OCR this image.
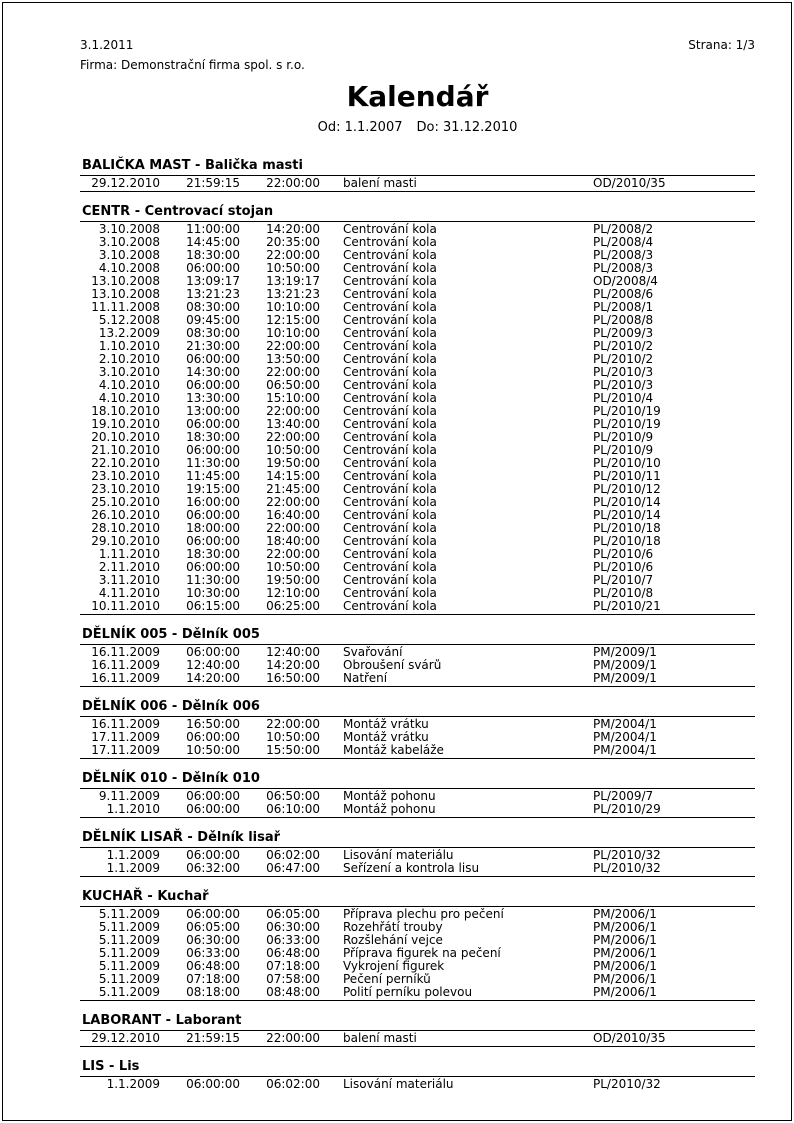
3.1.2011	Strana: 1/3
Firma: Demonstrační firma spol. s r.o.
Kalendář
Od: 1.1.2007 Do: 31.12.2010
BALIČKA MAST - Balička masti
29.12.2010	21:59:15	22:00:00	balení masti	OD/2010/35
CENTR - Centrovací stojan
3.10.2008	11:00:00	14:20:00	Centrování kola	PL/2008/2
3.10.2008	14:45:00	20:35:00	Centrování kola	PL/2008/4
3.10.2008	18:30:00	22:00:00	Centrování kola	PL/2008/3
4.10.2008	06:00:00	10:50:00	Centrování kola	PL/2008/3
13.10.2008	13:09:17	13:19:17	Centrování kola	OD/2008/4
13.10.2008	13:21:23	13:21:23	Centrování kola	PL/2008/6
11.11.2008	08:30:00	10:10:00	Centrování kola	PL/2008/1
5.12.2008	09:45:00	12:15:00	Centrování kola	PL/2008/8
13.2.2009	08:30:00	10:10:00	Centrování kola	PL/2009/3
1.10.2010	21:30:00	22:00:00	Centrování kola	PL/2010/2
2.10.2010	06:00:00	13:50:00	Centrování kola	PL/2010/2
3.10.2010	14:30:00	22:00:00	Centrování kola	PL/2010/3
4.10.2010	06:00:00	06:50:00	Centrování kola	PL/2010/3
4.10.2010	13:30:00	15:10:00	Centrování kola	PL/2010/4
18.10.2010	13:00:00	22:00:00	Centrování kola	PL/2010/19
19.10.2010	06:00:00	13:40:00	Centrování kola	PL/2010/19
20.10.2010	18:30:00	22:00:00	Centrování kola	PL/2010/9
21.10.2010	06:00:00	10:50:00	Centrování kola	PL/2010/9
22.10.2010	11:30:00	19:50:00	Centrování kola	PL/2010/10
23.10.2010	11:45:00	14:15:00	Centrování kola	PL/2010/11
23.10.2010	19:15:00	21:45:00	Centrování kola	PL/2010/12
25.10.2010	16:00:00	22:00:00	Centrování kola	PL/2010/14
26.10.2010	06:00:00	16:40:00	Centrování kola	PL/2010/14
28.10.2010	18:00:00	22:00:00	Centrování kola	PL/2010/18
29.10.2010	06:00:00	18:40:00	Centrování kola	PL/2010/18
1.11.2010	18:30:00	22:00:00	Centrování kola	PL/2010/6
2.11.2010	06:00:00	10:50:00	Centrování kola	PL/2010/6
3.11.2010	11:30:00	19:50:00	Centrování kola	PL/2010/7
4.11.2010	10:30:00	12:10:00	Centrování kola	PL/2010/8
10.11.2010	06:15:00	06:25:00	Centrování kola	PL/2010/21
DĚLNÍK 005 - Dělník 005
16.11.2009	06:00:00	12:40:00	Svařování	PM/2009/1
16.11.2009	12:40:00	14:20:00	Obroušení svárů	PM/2009/1
16.11.2009	14:20:00	16:50:00	Natření	PM/2009/1
DĚLNÍK 006 - Dělník 006
16.11.2009	16:50:00	22:00:00	Montáž vrátku	PM/2004/1
17.11.2009	06:00:00	10:50:00	Montáž vrátku	PM/2004/1
17.11.2009	10:50:00	15:50:00	Montáž kabeláže	PM/2004/1
DĚLNÍK 010 - Dělník 010
9.11.2009	06:00:00	06:50:00	Montáž pohonu	PL/2009/7
1.1.2010	06:00:00	06:10:00	Montáž pohonu	PL/2010/29
DĚLNÍK LISAŘ - Dělník lisař
1.1.2009	06:00:00	06:02:00	Lisování materiálu	PL/2010/32
1.1.2009	06:32:00	06:47:00	Seřízení a kontrola lisu	PL/2010/32
KUCHAŘ - Kuchař
5.11.2009	06:00:00	06:05:00	Příprava plechu pro pečení	PM/2006/1
5.11.2009	06:05:00	06:30:00	Rozehřátí trouby	PM/2006/1
5.11.2009	06:30:00	06:33:00	Rozšlehání vejce	PM/2006/1
5.11.2009	06:33:00	06:48:00	Příprava figurek na pečení	PM/2006/1
5.11.2009	06:48:00	07:18:00	Vykrojení figurek	PM/2006/1
5.11.2009	07:18:00	07:58:00	Pečení perníků	PM/2006/1
5.11.2009	08:18:00	08:48:00	Polití perníku polevou	PM/2006/1
LABORANT - Laborant
29.12.2010	21:59:15	22:00:00	balení masti	OD/2010/35
LIS - Lis
1.1.2009	06:00:00	06:02:00	Lisování materiálu	PL/2010/32
